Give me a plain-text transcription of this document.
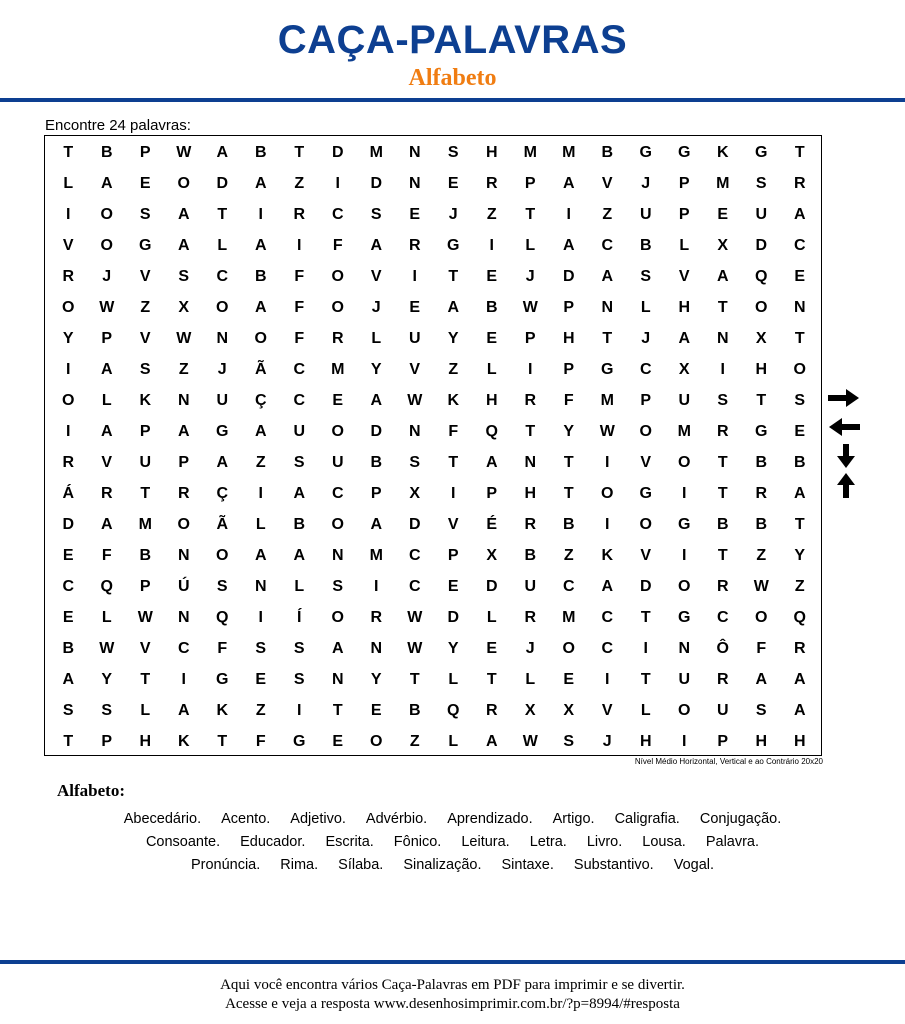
CAÇA-PALAVRAS
Alfabeto
Encontre 24 palavras:
T	B	P	W	A	B	T	D	M	N	S	H	M	M	B	G	G	K	G	T
L	A	E	O	D	A	Z	I	D	N	E	R	P	A	V	J	P	M	S	R
I	O	S	A	T	I	R	C	S	E	J	Z	T	I	Z	U	P	E	U	A
V	O	G	A	L	A	I	F	A	R	G	I	L	A	C	B	L	X	D	C
R	J	V	S	C	B	F	O	V	I	T	E	J	D	A	S	V	A	Q	E
O	W	Z	X	O	A	F	O	J	E	A	B	W	P	N	L	H	T	O	N
Y	P	V	W	N	O	F	R	L	U	Y	E	P	H	T	J	A	N	X	T
I	A	S	Z	J	Ã	C	M	Y	V	Z	L	I	P	G	C	X	I	H	O
O	L	K	N	U	Ç	C	E	A	W	K	H	R	F	M	P	U	S	T	S
I	A	P	A	G	A	U	O	D	N	F	Q	T	Y	W	O	M	R	G	E
R	V	U	P	A	Z	S	U	B	S	T	A	N	T	I	V	O	T	B	B
Á	R	T	R	Ç	I	A	C	P	X	I	P	H	T	O	G	I	T	R	A
D	A	M	O	Ã	L	B	O	A	D	V	É	R	B	I	O	G	B	B	T
E	F	B	N	O	A	A	N	M	C	P	X	B	Z	K	V	I	T	Z	Y
C	Q	P	Ú	S	N	L	S	I	C	E	D	U	C	A	D	O	R	W	Z
E	L	W	N	Q	I	Í	O	R	W	D	L	R	M	C	T	G	C	O	Q
B	W	V	C	F	S	S	A	N	W	Y	E	J	O	C	I	N	Ô	F	R
A	Y	T	I	G	E	S	N	Y	T	L	T	L	E	I	T	U	R	A	A
S	S	L	A	K	Z	I	T	E	B	Q	R	X	X	V	L	O	U	S	A
T	P	H	K	T	F	G	E	O	Z	L	A	W	S	J	H	I	P	H	H
Nível Médio Horizontal, Vertical e ao Contrário 20x20
Alfabeto:
Abecedário. Acento. Adjetivo. Advérbio. Aprendizado. Artigo. Caligrafia. Conjugação.
Consoante. Educador. Escrita. Fônico. Leitura. Letra. Livro. Lousa. Palavra.
Pronúncia. Rima. Sílaba. Sinalização. Sintaxe. Substantivo. Vogal.
Aqui você encontra vários Caça-Palavras em PDF para imprimir e se divertir.
Acesse e veja a resposta www.desenhosimprimir.com.br/?p=8994/#resposta
